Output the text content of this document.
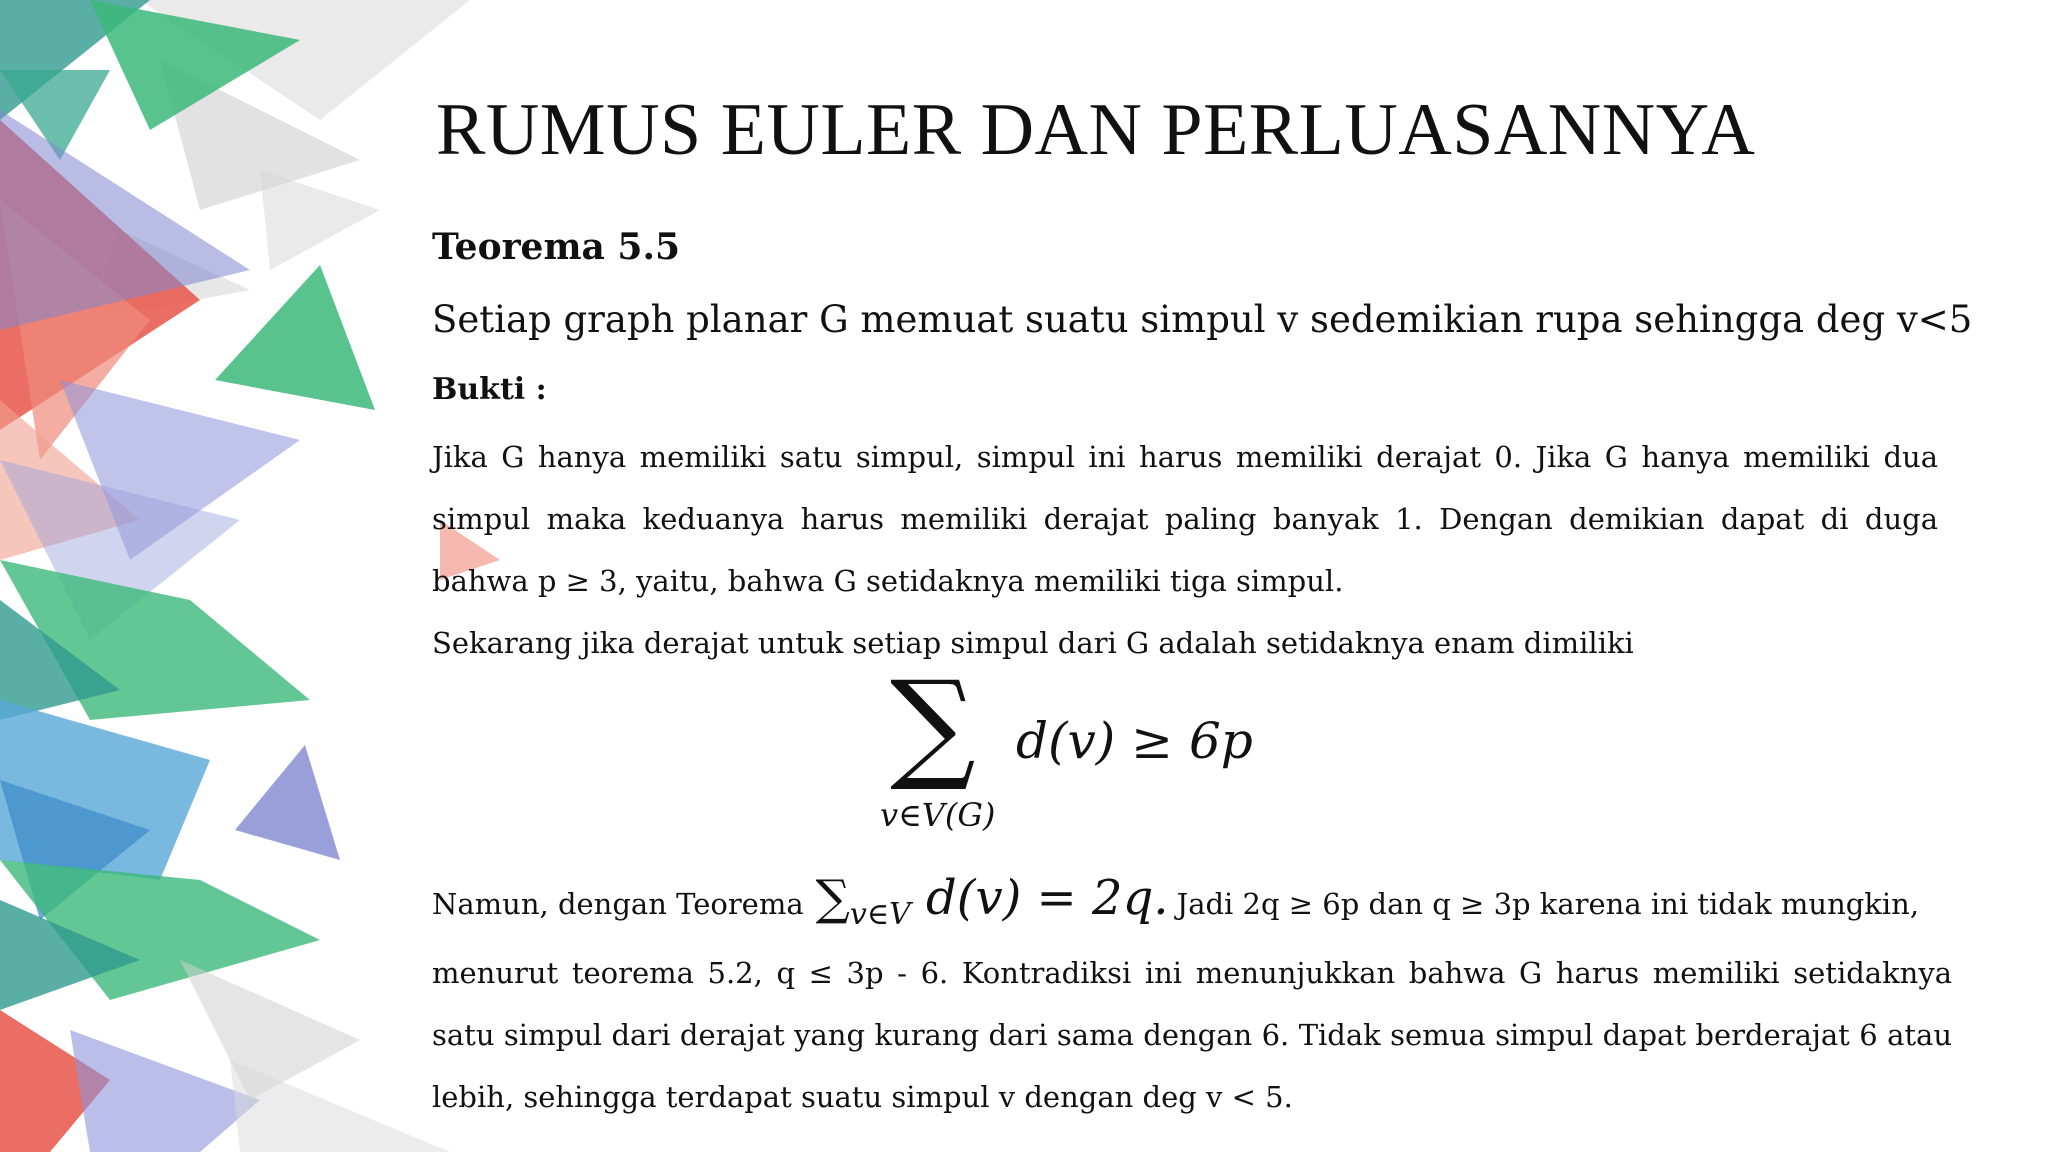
RUMUS EULER DAN PERLUASANNYA
Teorema 5.5
Setiap graph planar G memuat suatu simpul v sedemikian rupa sehingga deg v<5
Bukti :
Jika G hanya memiliki satu simpul, simpul ini harus memiliki derajat 0. Jika G hanya memiliki dua simpul maka keduanya harus memiliki derajat paling banyak 1. Dengan demikian dapat di duga bahwa p ≥ 3, yaitu, bahwa G setidaknya memiliki tiga simpul.
Sekarang jika derajat untuk setiap simpul dari G adalah setidaknya enam dimiliki
∑
v∈V(G)
d(v) ≥ 6p
Namun, dengan Teorema $\sum_{v\in V}$ d(v) = 2q. Jadi 2q ≥ 6p dan q ≥ 3p karena ini tidak mungkin,
menurut teorema 5.2, q ≤ 3p - 6. Kontradiksi ini menunjukkan bahwa G harus memiliki setidaknya satu simpul dari derajat yang kurang dari sama dengan 6. Tidak semua simpul dapat berderajat 6 atau lebih, sehingga terdapat suatu simpul v dengan deg v < 5.
